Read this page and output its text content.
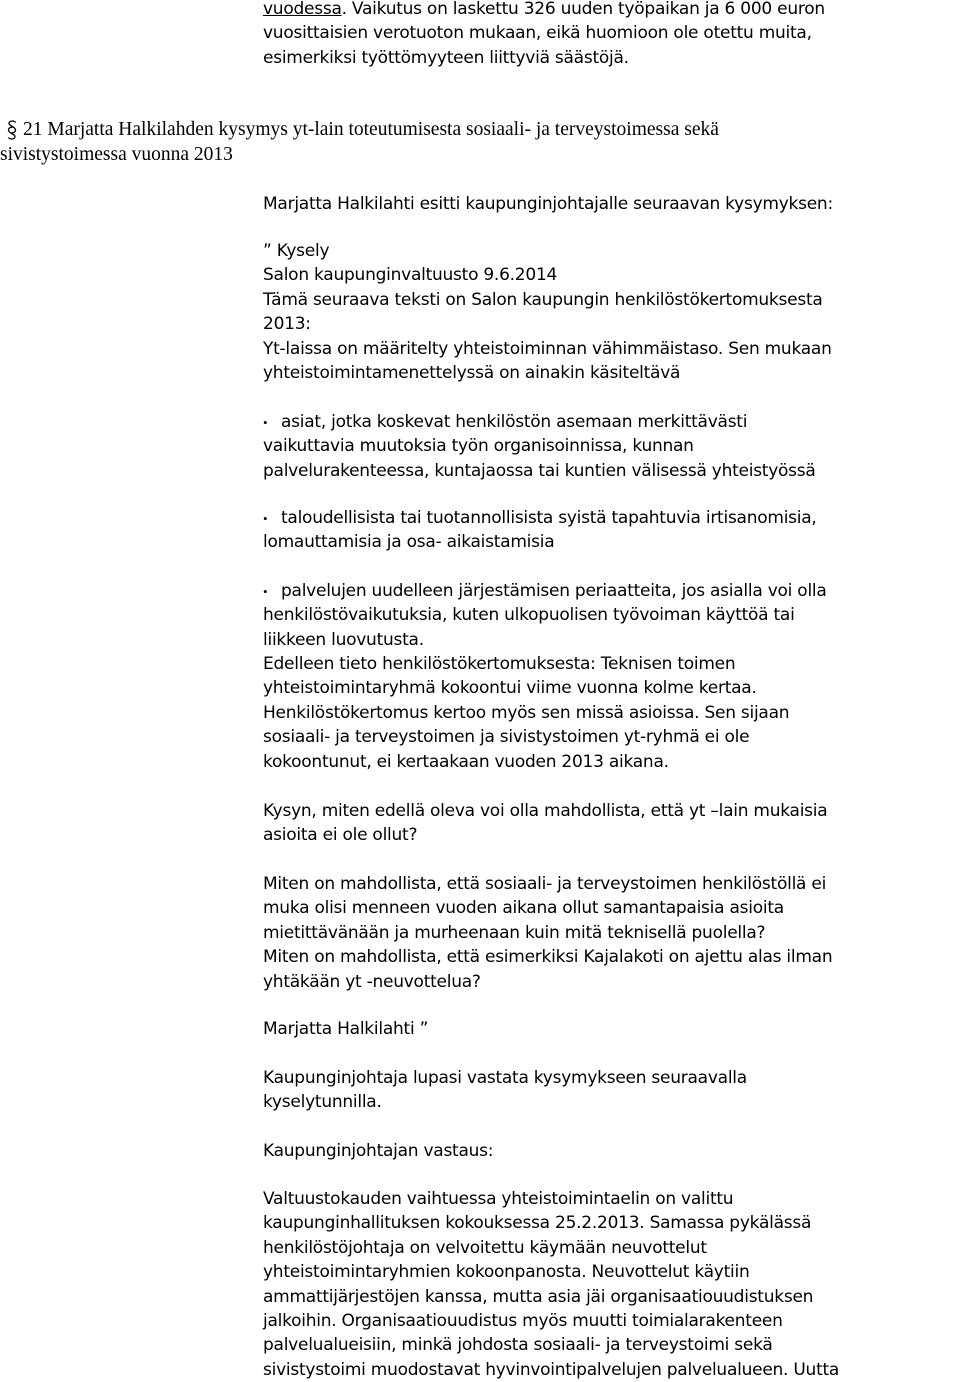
vuodessa. Vaikutus on laskettu 326 uuden työpaikan ja 6 000 euron
vuosittaisien verotuoton mukaan, eikä huomioon ole otettu muita,
esimerkiksi työttömyyteen liittyviä säästöjä.
21 Marjatta Halkilahden kysymys yt-lain toteutumisesta sosiaali- ja terveystoimessa sekä
sivistystoimessa vuonna 2013
Marjatta Halkilahti esitti kaupunginjohtajalle seuraavan kysymyksen:
” Kysely
Salon kaupunginvaltuusto 9.6.2014
Tämä seuraava teksti on Salon kaupungin henkilöstökertomuksesta
2013:
Yt-laissa on määritelty yhteistoiminnan vähimmäistaso. Sen mukaan
yhteistoimintamenettelyssä on ainakin käsiteltävä
• asiat, jotka koskevat henkilöstön asemaan merkittävästi
vaikuttavia muutoksia työn organisoinnissa, kunnan
palvelurakenteessa, kuntajaossa tai kuntien välisessä yhteistyössä
• taloudellisista tai tuotannollisista syistä tapahtuvia irtisanomisia,
lomauttamisia ja osa- aikaistamisia
• palvelujen uudelleen järjestämisen periaatteita, jos asialla voi olla
henkilöstövaikutuksia, kuten ulkopuolisen työvoiman käyttöä tai
liikkeen luovutusta.
Edelleen tieto henkilöstökertomuksesta: Teknisen toimen
yhteistoimintaryhmä kokoontui viime vuonna kolme kertaa.
Henkilöstökertomus kertoo myös sen missä asioissa. Sen sijaan
sosiaali- ja terveystoimen ja sivistystoimen yt-ryhmä ei ole
kokoontunut, ei kertaakaan vuoden 2013 aikana.
Kysyn, miten edellä oleva voi olla mahdollista, että yt –lain mukaisia
asioita ei ole ollut?
Miten on mahdollista, että sosiaali- ja terveystoimen henkilöstöllä ei
muka olisi menneen vuoden aikana ollut samantapaisia asioita
mietittävänään ja murheenaan kuin mitä teknisellä puolella?
Miten on mahdollista, että esimerkiksi Kajalakoti on ajettu alas ilman
yhtäkään yt -neuvottelua?
Marjatta Halkilahti ”
Kaupunginjohtaja lupasi vastata kysymykseen seuraavalla
kyselytunnilla.
Kaupunginjohtajan vastaus:
Valtuustokauden vaihtuessa yhteistoimintaelin on valittu
kaupunginhallituksen kokouksessa 25.2.2013. Samassa pykälässä
henkilöstöjohtaja on velvoitettu käymään neuvottelut
yhteistoimintaryhmien kokoonpanosta. Neuvottelut käytiin
ammattijärjestöjen kanssa, mutta asia jäi organisaatiouudistuksen
jalkoihin. Organisaatiouudistus myös muutti toimialarakenteen
palvelualueisiin, minkä johdosta sosiaali- ja terveystoimi sekä
sivistystoimi muodostavat hyvinvointipalvelujen palvelualueen. Uutta
